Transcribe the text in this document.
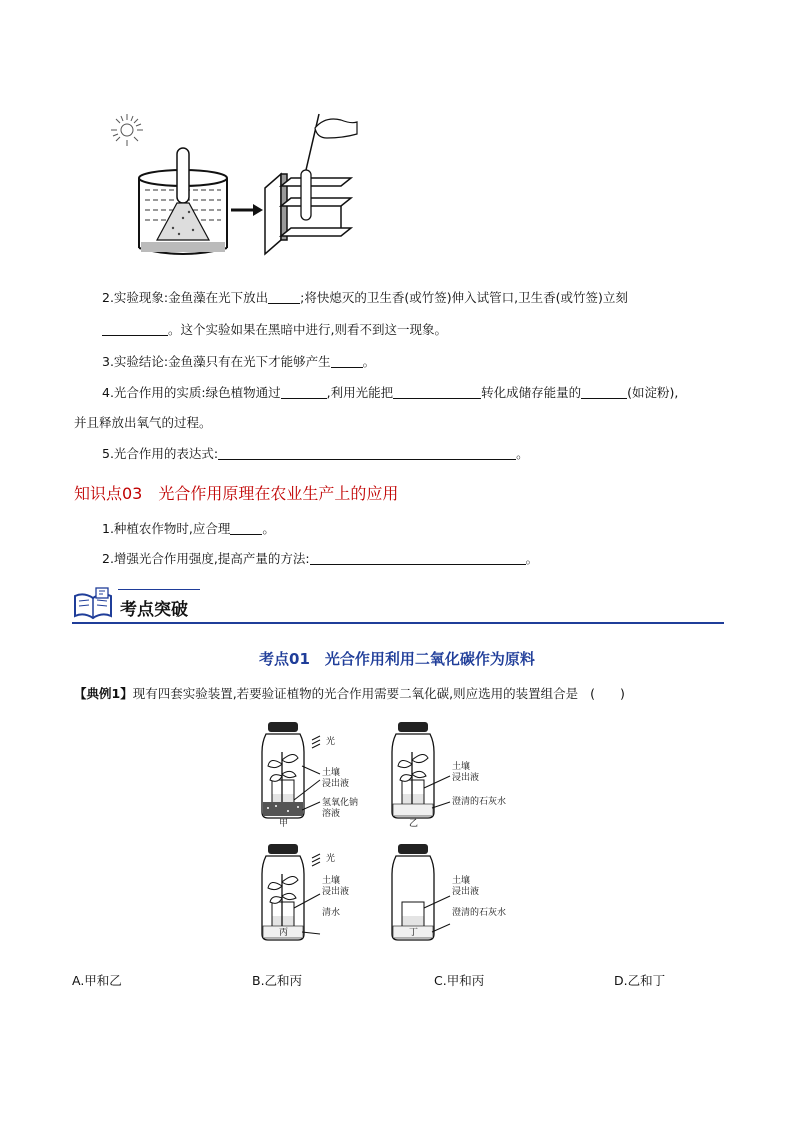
2.实验现象:金鱼藻在光下放出	;将快熄灭的卫生香(或竹签)伸入试管口,卫生香(或竹签)立刻
。这个实验如果在黑暗中进行,则看不到这一现象。
3.实验结论:金鱼藻只有在光下才能够产生	。
4.光合作用的实质:绿色植物通过	,利用光能把	转化成储存能量的	(如淀粉),
并且释放出氧气的过程。
5.光合作用的表达式:	。
知识点03 光合作用原理在农业生产上的应用
1.种植农作物时,应合理	。
2.增强光合作用强度,提高产量的方法:	。
考点突破
考点01　光合作用利用二氧化碳作为原料
【典例1】现有四套实验装置,若要验证植物的光合作用需要二氧化碳,则应选用的装置组合是 (　　)
光
土壤
浸出液
氢氧化钠
溶液
甲
土壤
浸出液
澄清的石灰水
乙
光
土壤
浸出液
清水
丙
土壤
浸出液
澄清的石灰水
丁
A.甲和乙	B.乙和丙	C.甲和丙	D.乙和丁
